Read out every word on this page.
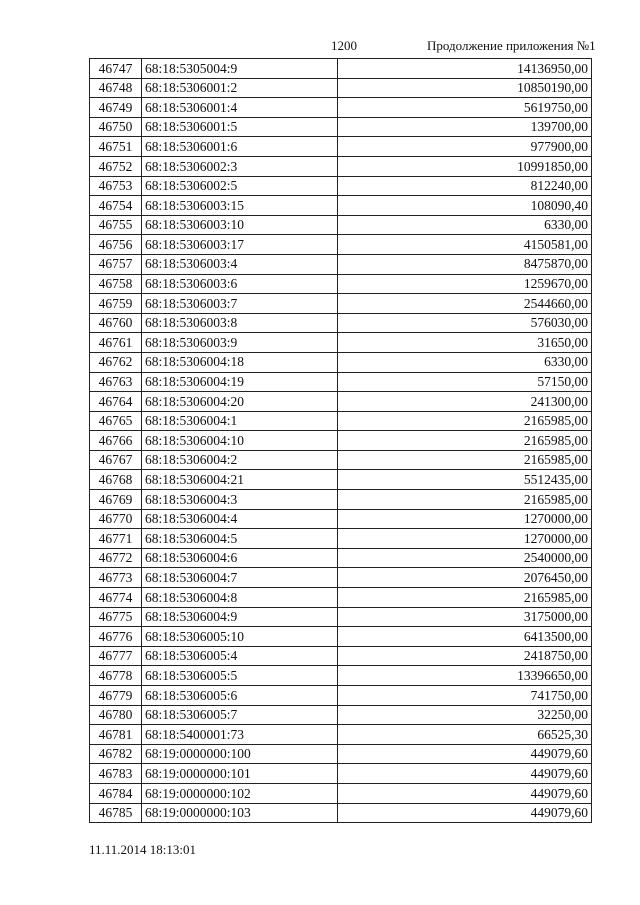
1200	Продолжение приложения №1
46747	68:18:5305004:9	14136950,00
46748	68:18:5306001:2	10850190,00
46749	68:18:5306001:4	5619750,00
46750	68:18:5306001:5	139700,00
46751	68:18:5306001:6	977900,00
46752	68:18:5306002:3	10991850,00
46753	68:18:5306002:5	812240,00
46754	68:18:5306003:15	108090,40
46755	68:18:5306003:10	6330,00
46756	68:18:5306003:17	4150581,00
46757	68:18:5306003:4	8475870,00
46758	68:18:5306003:6	1259670,00
46759	68:18:5306003:7	2544660,00
46760	68:18:5306003:8	576030,00
46761	68:18:5306003:9	31650,00
46762	68:18:5306004:18	6330,00
46763	68:18:5306004:19	57150,00
46764	68:18:5306004:20	241300,00
46765	68:18:5306004:1	2165985,00
46766	68:18:5306004:10	2165985,00
46767	68:18:5306004:2	2165985,00
46768	68:18:5306004:21	5512435,00
46769	68:18:5306004:3	2165985,00
46770	68:18:5306004:4	1270000,00
46771	68:18:5306004:5	1270000,00
46772	68:18:5306004:6	2540000,00
46773	68:18:5306004:7	2076450,00
46774	68:18:5306004:8	2165985,00
46775	68:18:5306004:9	3175000,00
46776	68:18:5306005:10	6413500,00
46777	68:18:5306005:4	2418750,00
46778	68:18:5306005:5	13396650,00
46779	68:18:5306005:6	741750,00
46780	68:18:5306005:7	32250,00
46781	68:18:5400001:73	66525,30
46782	68:19:0000000:100	449079,60
46783	68:19:0000000:101	449079,60
46784	68:19:0000000:102	449079,60
46785	68:19:0000000:103	449079,60
11.11.2014 18:13:01
